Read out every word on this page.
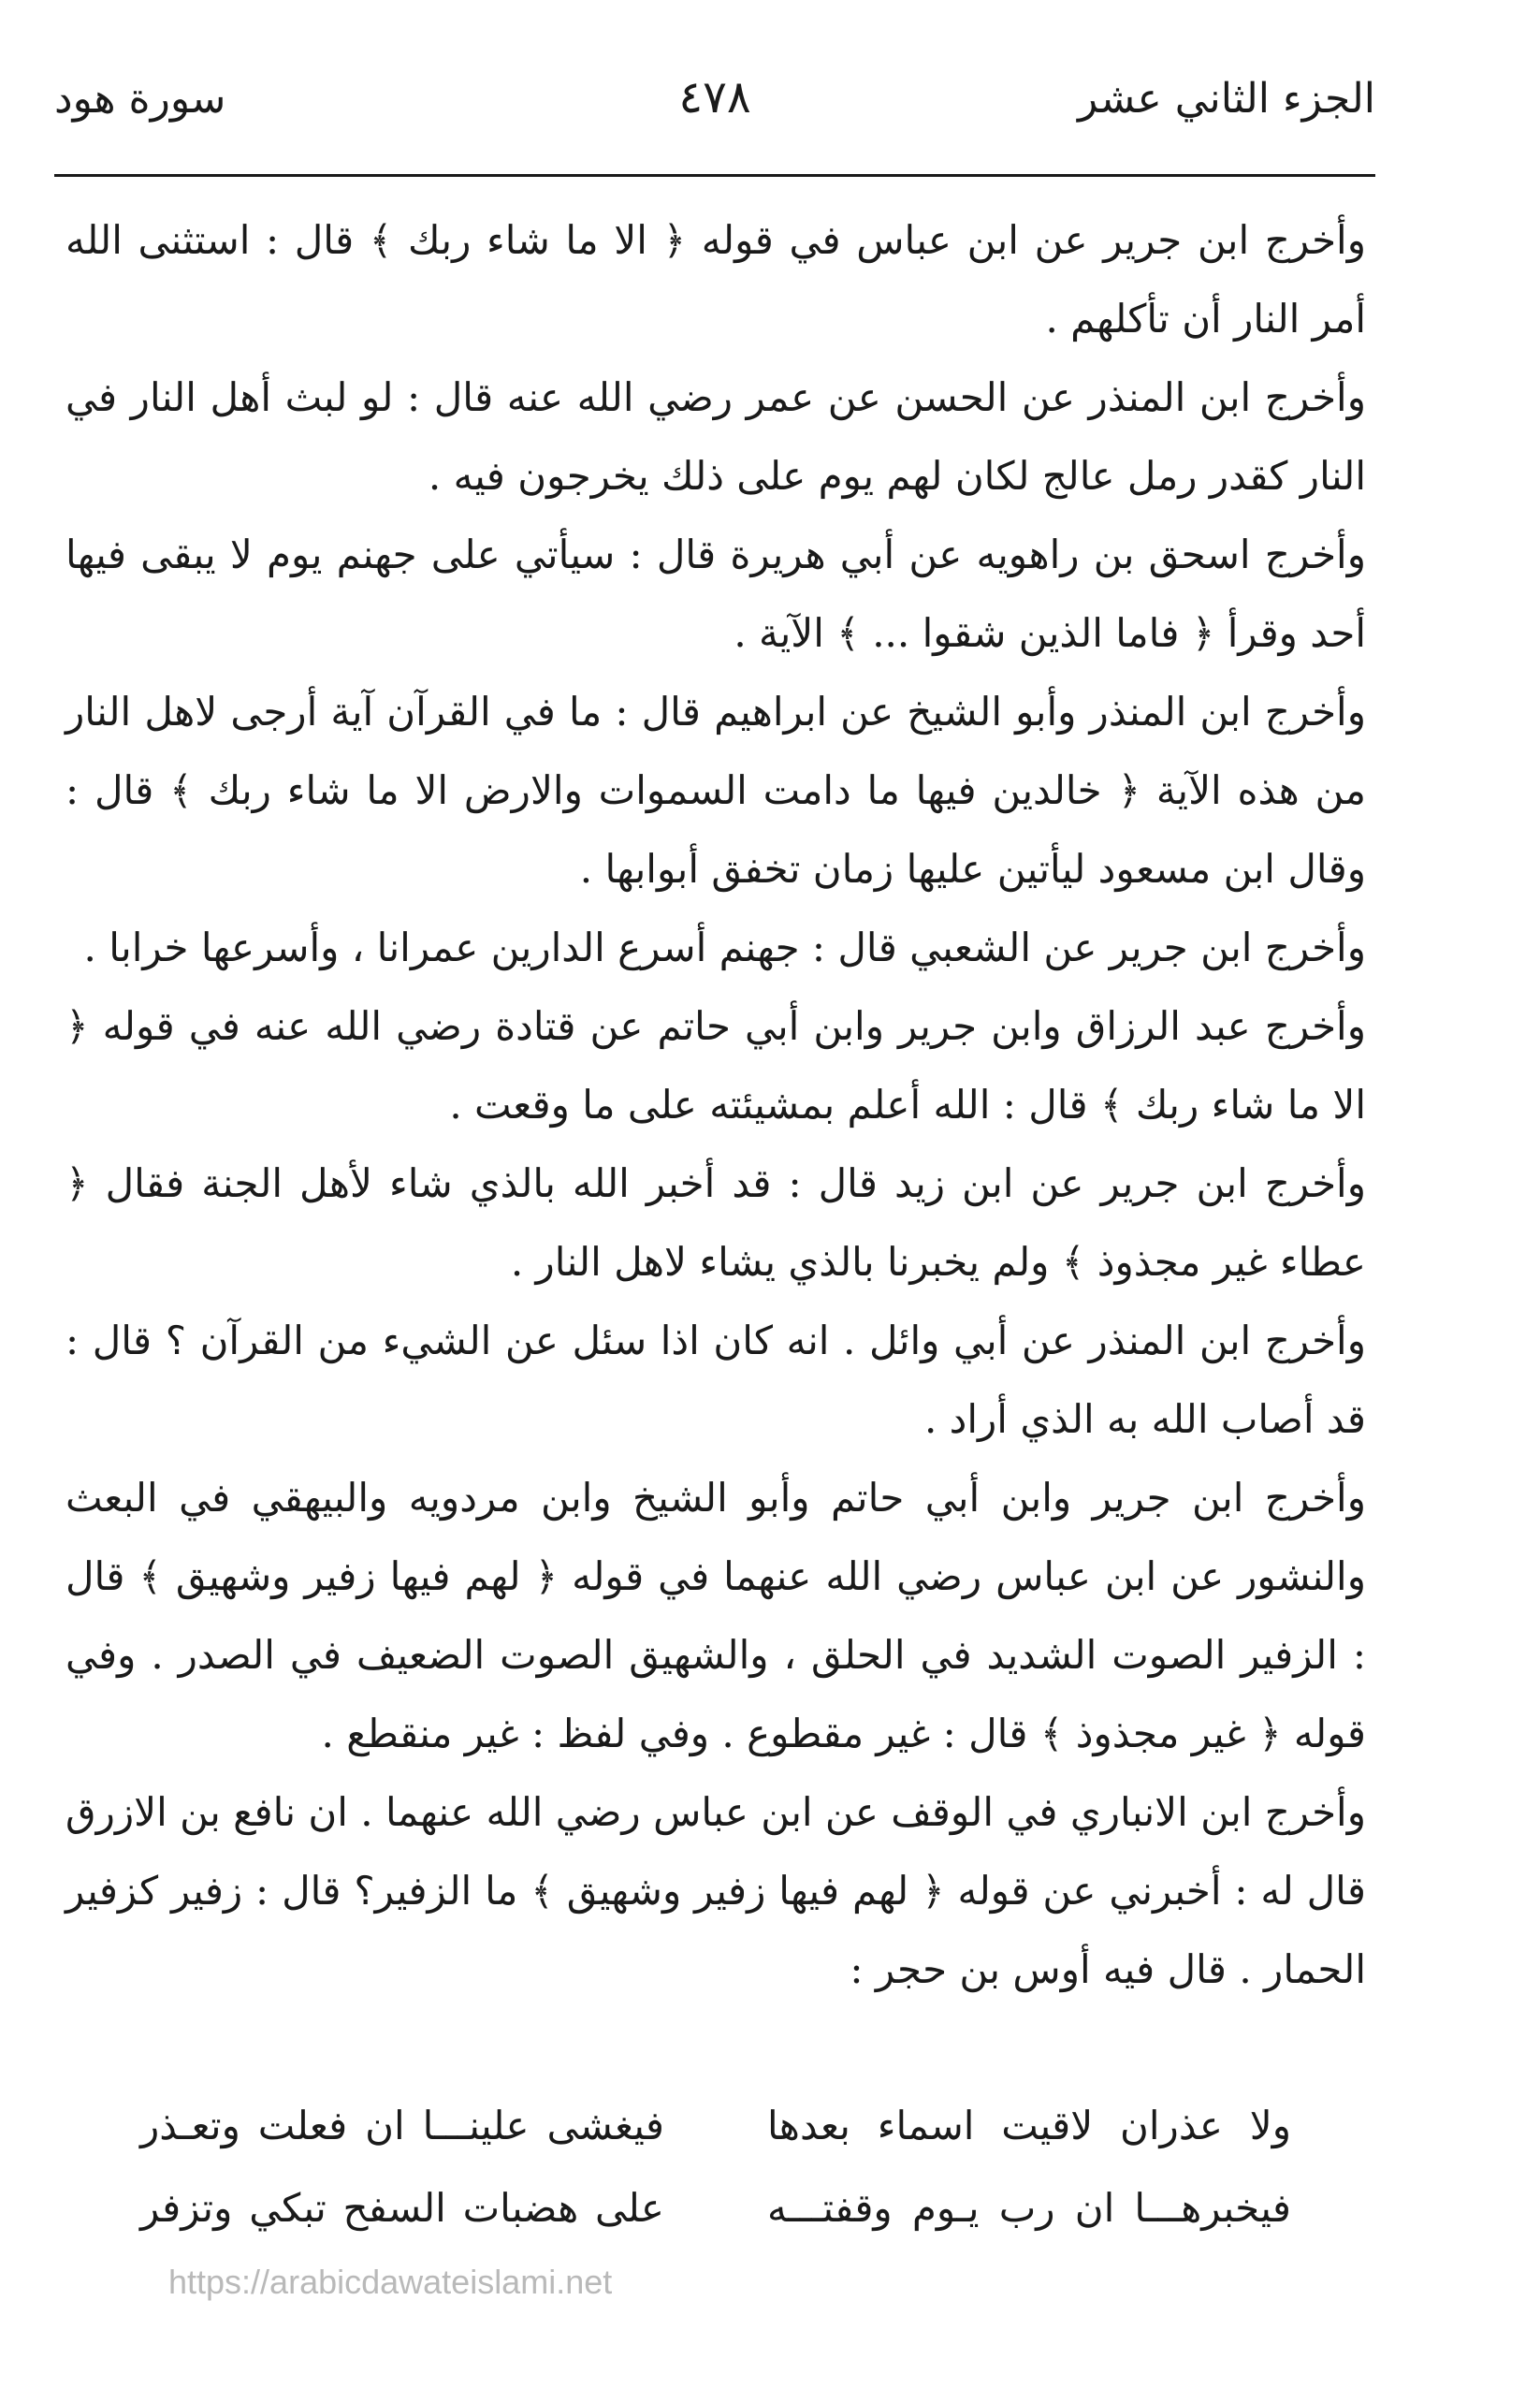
الجزء الثاني عشر
٤٧٨
سورة هود

وأخرج ابن جرير عن ابن عباس في قوله ﴿ الا ما شاء ربك ﴾ قال : استثنى الله أمر النار أن تأكلهم .

وأخرج ابن المنذر عن الحسن عن عمر رضي الله عنه قال : لو لبث أهل النار في النار كقدر رمل عالج لكان لهم يوم على ذلك يخرجون فيه .

وأخرج اسحق بن راهويه عن أبي هريرة قال : سيأتي على جهنم يوم لا يبقى فيها أحد وقرأ ﴿ فاما الذين شقوا ... ﴾ الآية .

وأخرج ابن المنذر وأبو الشيخ عن ابراهيم قال : ما في القرآن آية أرجى لاهل النار من هذه الآية ﴿ خالدين فيها ما دامت السموات والارض الا ما شاء ربك ﴾ قال : وقال ابن مسعود ليأتين عليها زمان تخفق أبوابها .

وأخرج ابن جرير عن الشعبي قال : جهنم أسرع الدارين عمرانا ، وأسرعها خرابا .

وأخرج عبد الرزاق وابن جرير وابن أبي حاتم عن قتادة رضي الله عنه في قوله ﴿ الا ما شاء ربك ﴾ قال : الله أعلم بمشيئته على ما وقعت .

وأخرج ابن جرير عن ابن زيد قال : قد أخبر الله بالذي شاء لأهل الجنة فقال ﴿ عطاء غير مجذوذ ﴾ ولم يخبرنا بالذي يشاء لاهل النار .

وأخرج ابن المنذر عن أبي وائل . انه كان اذا سئل عن الشيء من القرآن ؟ قال : قد أصاب الله به الذي أراد .

وأخرج ابن جرير وابن أبي حاتم وأبو الشيخ وابن مردويه والبيهقي في البعث والنشور عن ابن عباس رضي الله عنهما في قوله ﴿ لهم فيها زفير وشهيق ﴾ قال : الزفير الصوت الشديد في الحلق ، والشهيق الصوت الضعيف في الصدر . وفي قوله ﴿ غير مجذوذ ﴾ قال : غير مقطوع . وفي لفظ : غير منقطع .

وأخرج ابن الانباري في الوقف عن ابن عباس رضي الله عنهما . ان نافع بن الازرق قال له : أخبرني عن قوله ﴿ لهم فيها زفير وشهيق ﴾ ما الزفير؟ قال : زفير كزفير الحمار . قال فيه أوس بن حجر :

ولا عذران لاقيت اسماء بعدها
فيغشى علينـــا ان فعلت وتعـذر
فيخبرهـــا ان رب يـوم وقفتـــه
على هضبات السفح تبكي وتزفر
https://arabicdawateislami.net
